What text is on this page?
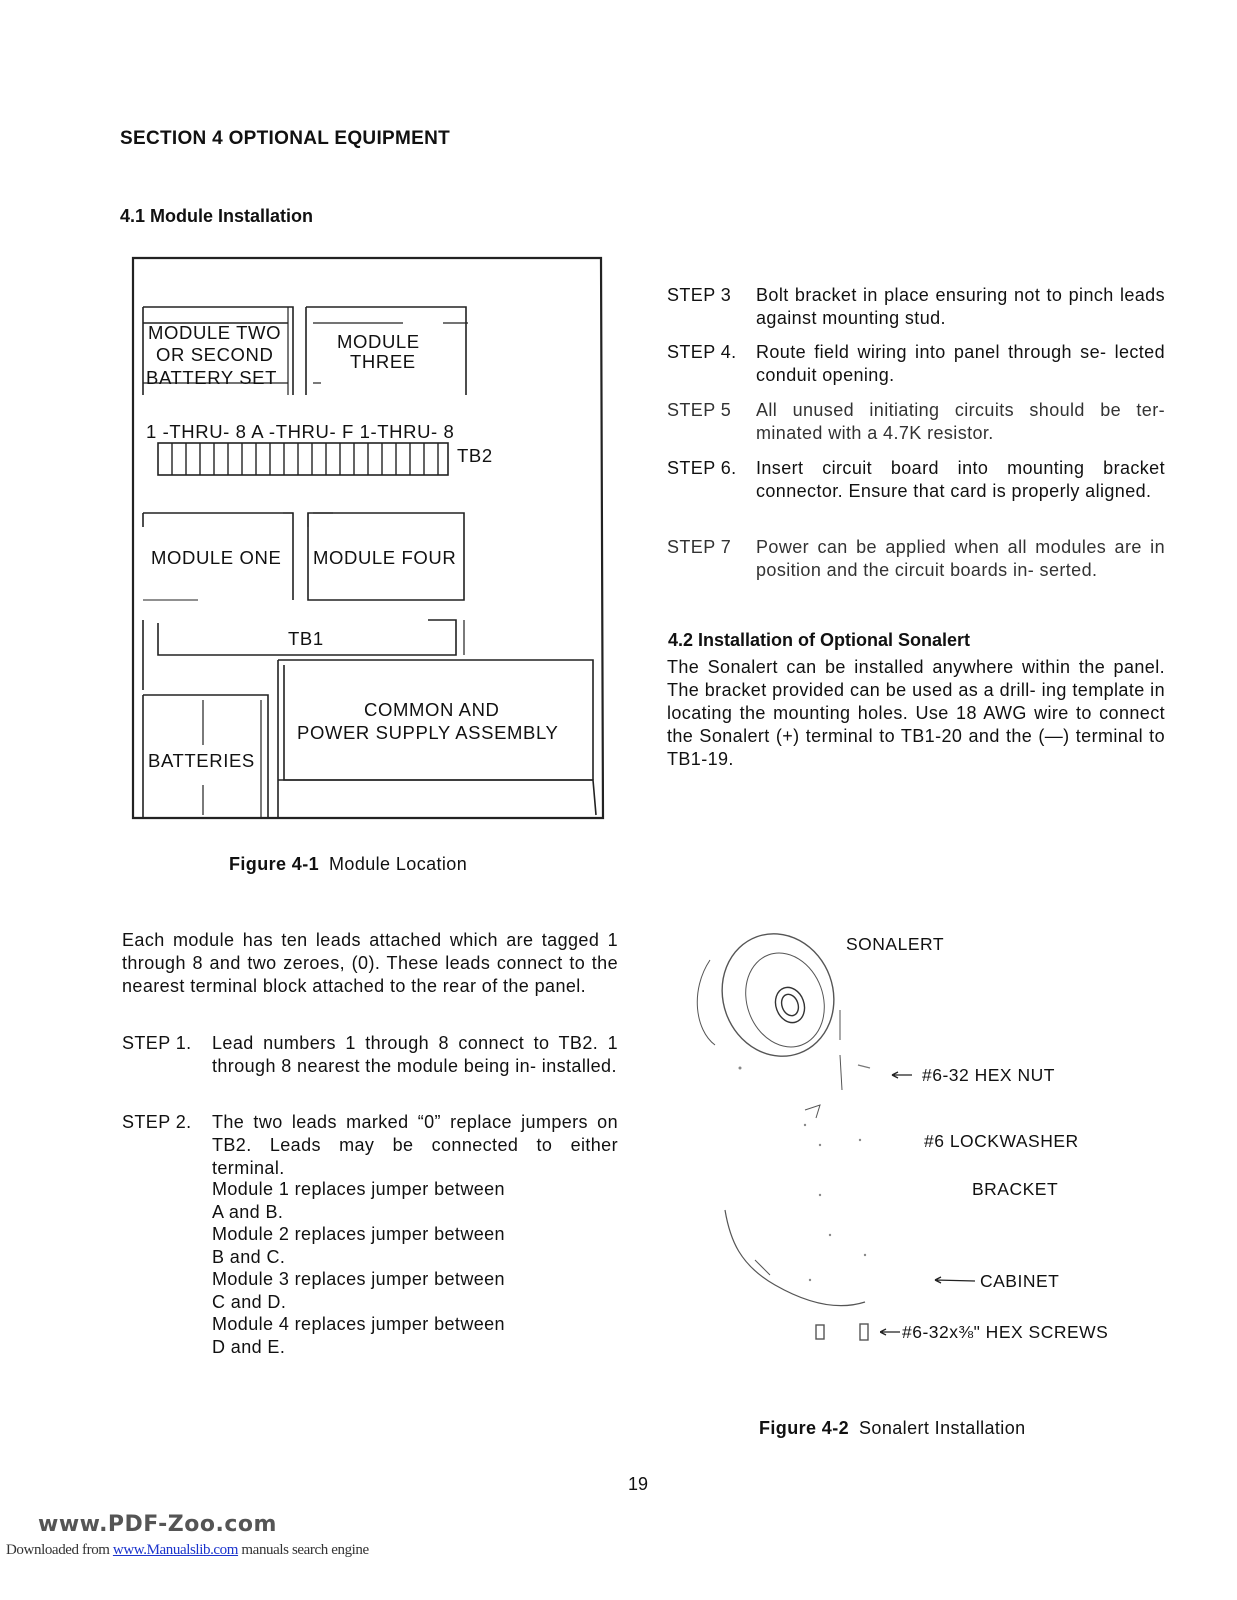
SECTION 4 OPTIONAL EQUIPMENT
4.1 Module Installation
MODULE TWO
OR SECOND
BATTERY SET
MODULE
THREE
1 -THRU- 8 A -THRU- F 1-THRU- 8
TB2
MODULE ONE MODULE FOUR
TB1
COMMON AND
POWER SUPPLY ASSEMBLY
BATTERIES
Figure 4-1 Module Location
Each module has ten leads attached which are tagged 1 through 8 and two zeroes, (0). These leads connect to the nearest terminal block attached to the rear of the panel.
STEP 1. Lead numbers 1 through 8 connect to TB2. 1 through 8 nearest the module being in- installed.
STEP 2. The two leads marked “0” replace jumpers on TB2. Leads may be connected to either terminal.
Module 1 replaces jumper between
A and B.
Module 2 replaces jumper between
B and C.
Module 3 replaces jumper between
C and D.
Module 4 replaces jumper between
D and E.
STEP 3 Bolt bracket in place ensuring not to pinch leads against mounting stud.
STEP 4. Route field wiring into panel through se- lected conduit opening.
STEP 5 All unused initiating circuits should be ter- minated with a 4.7K resistor.
STEP 6. Insert circuit board into mounting bracket connector. Ensure that card is properly aligned.
STEP 7 Power can be applied when all modules are in position and the circuit boards in- serted.
4.2 Installation of Optional Sonalert
The Sonalert can be installed anywhere within the panel. The bracket provided can be used as a drill- ing template in locating the mounting holes. Use 18 AWG wire to connect the Sonalert (+) terminal to TB1-20 and the (—) terminal to TB1-19.
SONALERT
#6-32 HEX NUT
#6 LOCKWASHER
BRACKET
CABINET
#6-32x⅜" HEX SCREWS
Figure 4-2 Sonalert Installation
19
www.PDF-Zoo.com
Downloaded from www.Manualslib.com manuals search engine
